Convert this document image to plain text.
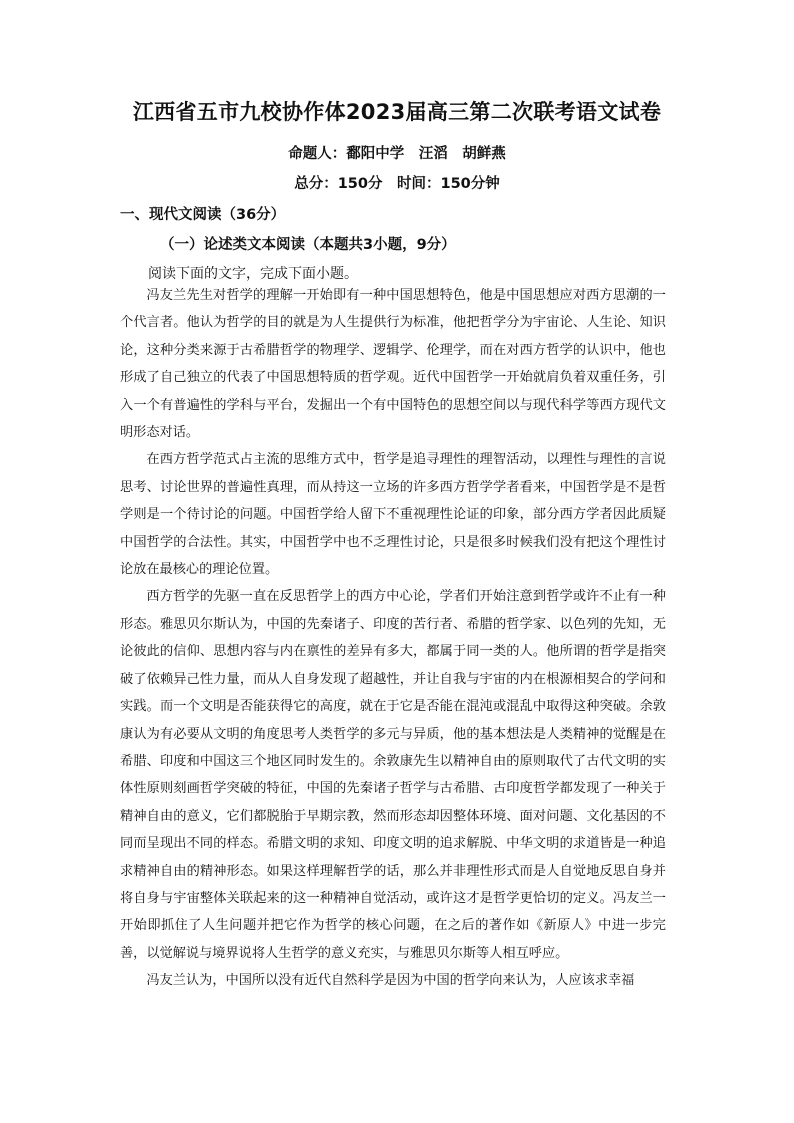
江西省五市九校协作体2023届高三第二次联考语文试卷
命题人：鄱阳中学　汪滔　胡鲜燕
总分：150分　时间：150分钟
一、现代文阅读（36分）
（一）论述类文本阅读（本题共3小题，9分）
阅读下面的文字，完成下面小题。

冯友兰先生对哲学的理解一开始即有一种中国思想特色，他是中国思想应对西方思潮的一个代言者。他认为哲学的目的就是为人生提供行为标准，他把哲学分为宇宙论、人生论、知识论，这种分类来源于古希腊哲学的物理学、逻辑学、伦理学，而在对西方哲学的认识中，他也形成了自己独立的代表了中国思想特质的哲学观。近代中国哲学一开始就肩负着双重任务，引入一个有普遍性的学科与平台，发掘出一个有中国特色的思想空间以与现代科学等西方现代文明形态对话。

在西方哲学范式占主流的思维方式中，哲学是追寻理性的理智活动，以理性与理性的言说思考、讨论世界的普遍性真理，而从持这一立场的许多西方哲学学者看来，中国哲学是不是哲学则是一个待讨论的问题。中国哲学给人留下不重视理性论证的印象，部分西方学者因此质疑中国哲学的合法性。其实，中国哲学中也不乏理性讨论，只是很多时候我们没有把这个理性讨论放在最核心的理论位置。

西方哲学的先驱一直在反思哲学上的西方中心论，学者们开始注意到哲学或许不止有一种形态。雅思贝尔斯认为，中国的先秦诸子、印度的苦行者、希腊的哲学家、以色列的先知，无论彼此的信仰、思想内容与内在禀性的差异有多大，都属于同一类的人。他所谓的哲学是指突破了依赖异己性力量，而从人自身发现了超越性，并让自我与宇宙的内在根源相契合的学问和实践。而一个文明是否能获得它的高度，就在于它是否能在混沌或混乱中取得这种突破。余敦康认为有必要从文明的角度思考人类哲学的多元与异质，他的基本想法是人类精神的觉醒是在希腊、印度和中国这三个地区同时发生的。余敦康先生以精神自由的原则取代了古代文明的实体性原则刻画哲学突破的特征，中国的先秦诸子哲学与古希腊、古印度哲学都发现了一种关于精神自由的意义，它们都脱胎于早期宗教，然而形态却因整体环境、面对问题、文化基因的不同而呈现出不同的样态。希腊文明的求知、印度文明的追求解脱、中华文明的求道皆是一种追求精神自由的精神形态。如果这样理解哲学的话，那么并非理性形式而是人自觉地反思自身并将自身与宇宙整体关联起来的这一种精神自觉活动，或许这才是哲学更恰切的定义。冯友兰一开始即抓住了人生问题并把它作为哲学的核心问题，在之后的著作如《新原人》中进一步完善，以觉解说与境界说将人生哲学的意义充实，与雅思贝尔斯等人相互呼应。

冯友兰认为，中国所以没有近代自然科学是因为中国的哲学向来认为，人应该求幸福
